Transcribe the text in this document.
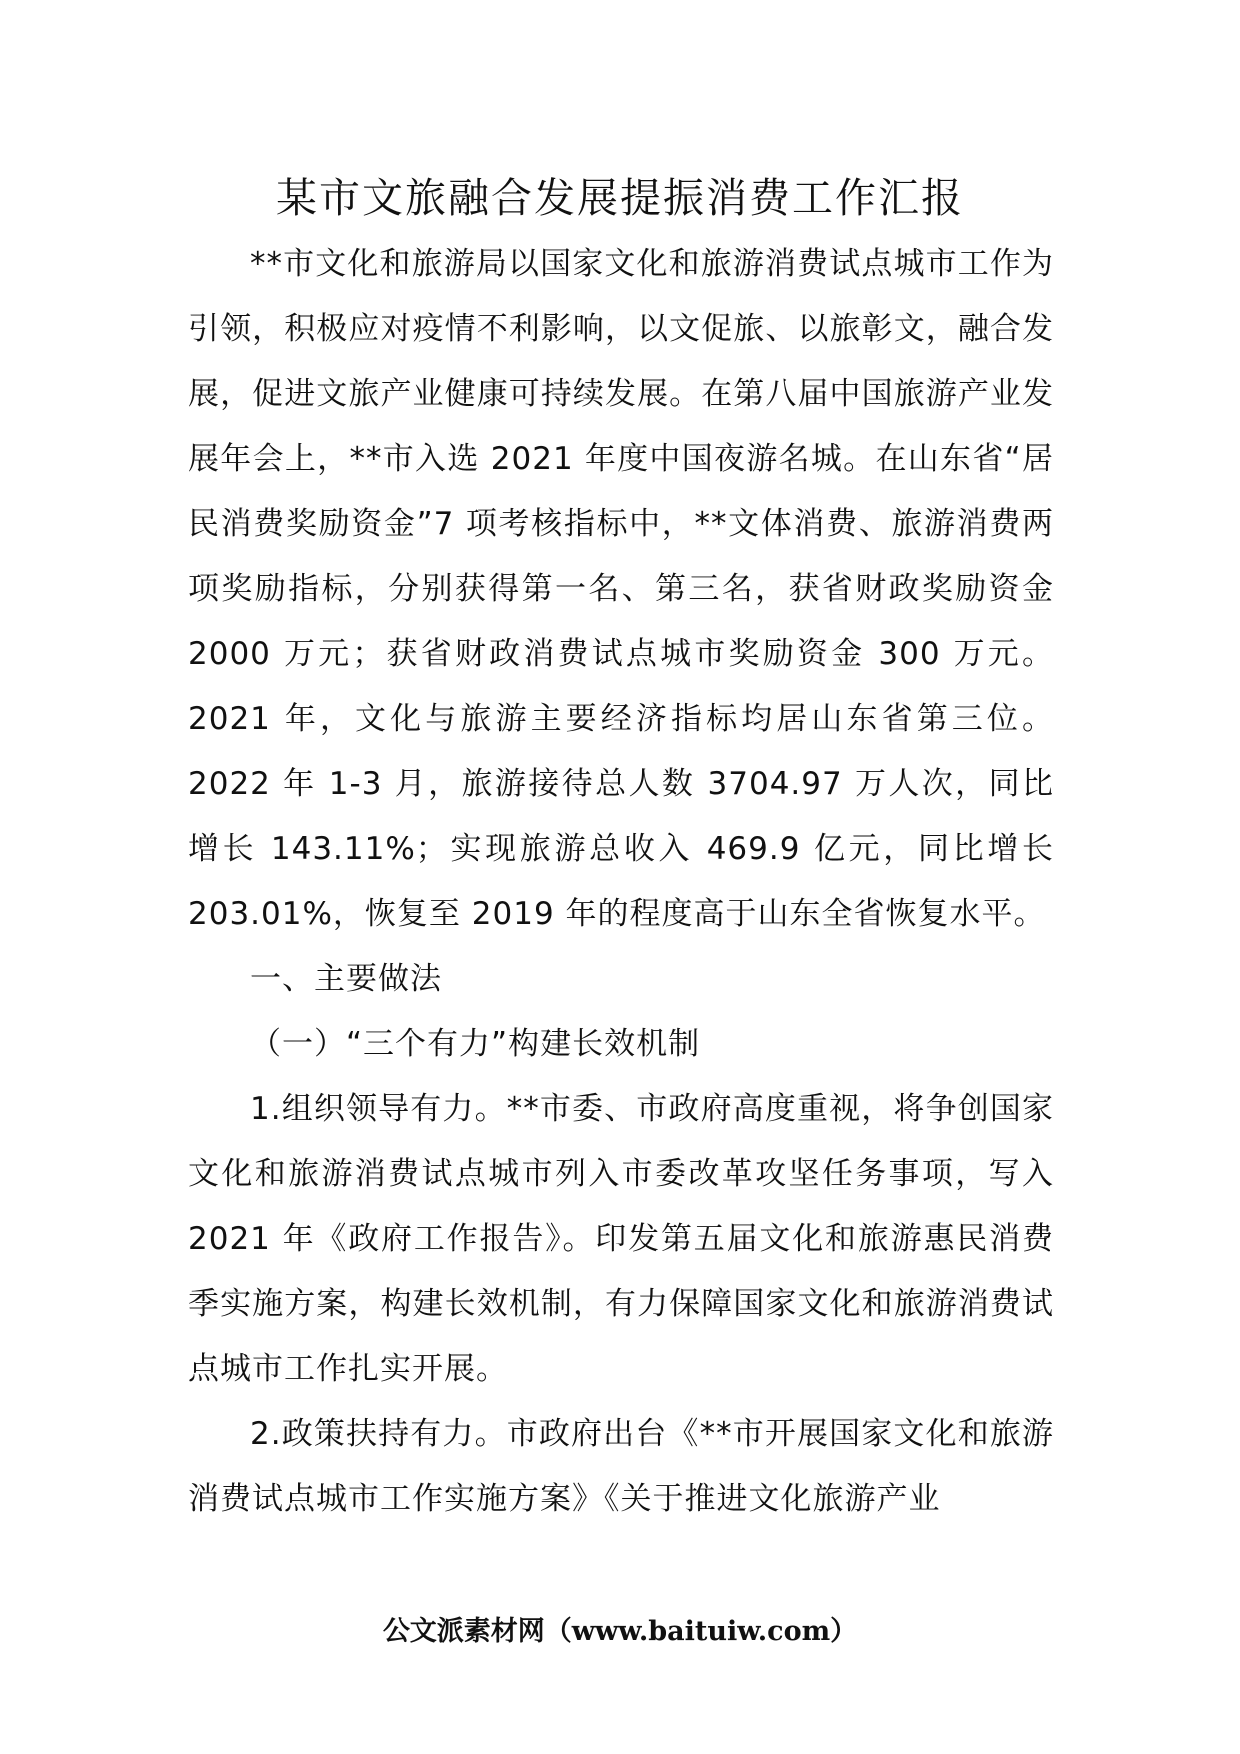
某市文旅融合发展提振消费工作汇报

**市文化和旅游局以国家文化和旅游消费试点城市工作为引领，积极应对疫情不利影响，以文促旅、以旅彰文，融合发展，促进文旅产业健康可持续发展。在第八届中国旅游产业发展年会上，**市入选 2021 年度中国夜游名城。在山东省“居民消费奖励资金”7 项考核指标中，**文体消费、旅游消费两项奖励指标，分别获得第一名、第三名，获省财政奖励资金 2000 万元；获省财政消费试点城市奖励资金 300 万元。2021 年，文化与旅游主要经济指标均居山东省第三位。 2022 年 1-3 月，旅游接待总人数 3704.97 万人次，同比增长 143.11%；实现旅游总收入 469.9 亿元，同比增长 203.01%，恢复至 2019 年的程度高于山东全省恢复水平。

一、主要做法

（一）“三个有力”构建长效机制

1.组织领导有力。**市委、市政府高度重视，将争创国家文化和旅游消费试点城市列入市委改革攻坚任务事项，写入 2021 年《政府工作报告》。印发第五届文化和旅游惠民消费季实施方案，构建长效机制，有力保障国家文化和旅游消费试点城市工作扎实开展。

2.政策扶持有力。市政府出台《**市开展国家文化和旅游消费试点城市工作实施方案》《关于推进文化旅游产业

公文派素材网（www.baituiw.com）
